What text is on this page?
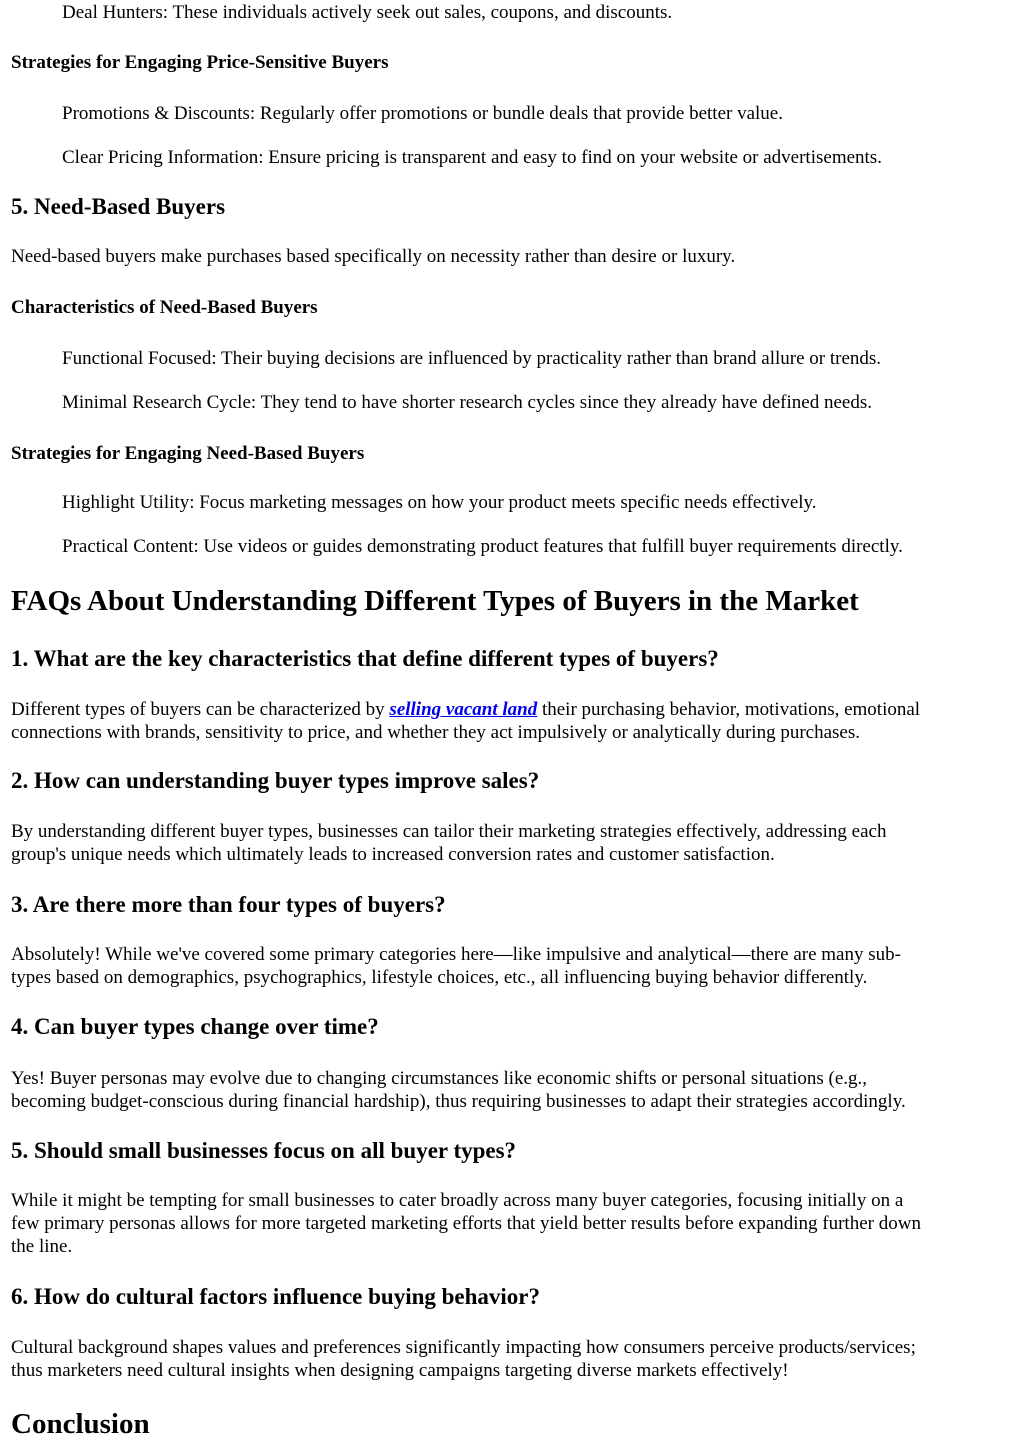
Deal Hunters: These individuals actively seek out sales, coupons, and discounts.

Strategies for Engaging Price-Sensitive Buyers

Promotions & Discounts: Regularly offer promotions or bundle deals that provide better value.

Clear Pricing Information: Ensure pricing is transparent and easy to find on your website or advertisements.

5. Need-Based Buyers

Need-based buyers make purchases based specifically on necessity rather than desire or luxury.

Characteristics of Need-Based Buyers

Functional Focused: Their buying decisions are influenced by practicality rather than brand allure or trends.

Minimal Research Cycle: They tend to have shorter research cycles since they already have defined needs.

Strategies for Engaging Need-Based Buyers

Highlight Utility: Focus marketing messages on how your product meets specific needs effectively.

Practical Content: Use videos or guides demonstrating product features that fulfill buyer requirements directly.

FAQs About Understanding Different Types of Buyers in the Market
1. What are the key characteristics that define different types of buyers?
Different types of buyers can be characterized by selling vacant land their purchasing behavior, motivations, emotional
connections with brands, sensitivity to price, and whether they act impulsively or analytically during purchases.
2. How can understanding buyer types improve sales?
By understanding different buyer types, businesses can tailor their marketing strategies effectively, addressing each
group's unique needs which ultimately leads to increased conversion rates and customer satisfaction.
3. Are there more than four types of buyers?
Absolutely! While we've covered some primary categories here—like impulsive and analytical—there are many sub-
types based on demographics, psychographics, lifestyle choices, etc., all influencing buying behavior differently.
4. Can buyer types change over time?
Yes! Buyer personas may evolve due to changing circumstances like economic shifts or personal situations (e.g.,
becoming budget-conscious during financial hardship), thus requiring businesses to adapt their strategies accordingly.
5. Should small businesses focus on all buyer types?
While it might be tempting for small businesses to cater broadly across many buyer categories, focusing initially on a
few primary personas allows for more targeted marketing efforts that yield better results before expanding further down
the line.
6. How do cultural factors influence buying behavior?
Cultural background shapes values and preferences significantly impacting how consumers perceive products/services;
thus marketers need cultural insights when designing campaigns targeting diverse markets effectively!
Conclusion
